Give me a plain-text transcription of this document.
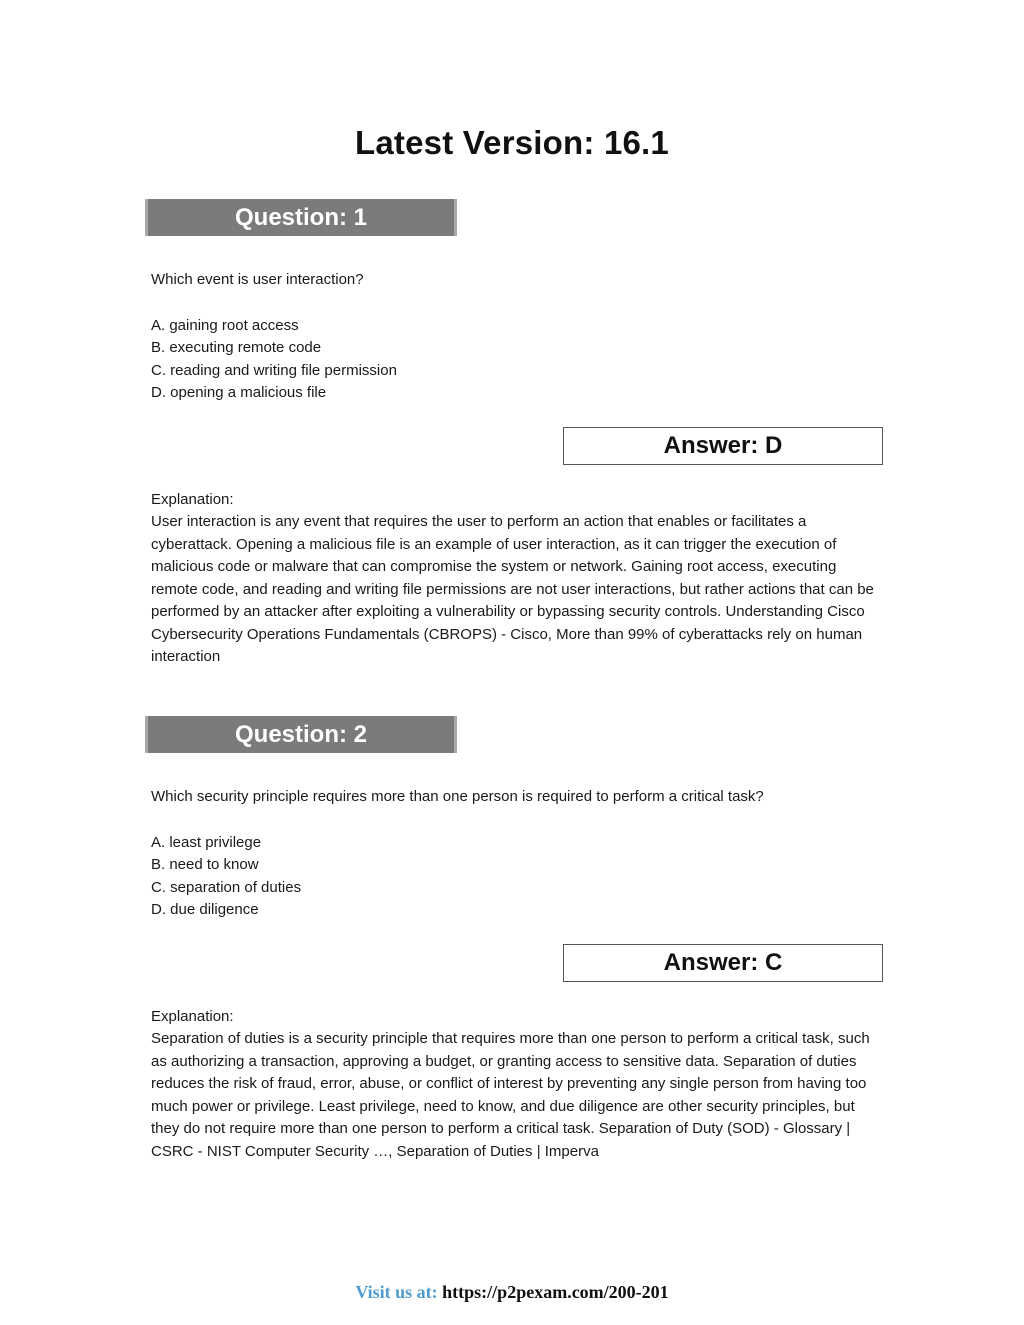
Latest Version: 16.1
Question: 1
Which event is user interaction?
A. gaining root access
B. executing remote code
C. reading and writing file permission
D. opening a malicious file
Answer: D
Explanation:
User interaction is any event that requires the user to perform an action that enables or facilitates a cyberattack. Opening a malicious file is an example of user interaction, as it can trigger the execution of malicious code or malware that can compromise the system or network. Gaining root access, executing remote code, and reading and writing file permissions are not user interactions, but rather actions that can be performed by an attacker after exploiting a vulnerability or bypassing security controls. Understanding Cisco Cybersecurity Operations Fundamentals (CBROPS) - Cisco, More than 99% of cyberattacks rely on human interaction
Question: 2
Which security principle requires more than one person is required to perform a critical task?
A. least privilege
B. need to know
C. separation of duties
D. due diligence
Answer: C
Explanation:
Separation of duties is a security principle that requires more than one person to perform a critical task, such as authorizing a transaction, approving a budget, or granting access to sensitive data. Separation of duties reduces the risk of fraud, error, abuse, or conflict of interest by preventing any single person from having too much power or privilege. Least privilege, need to know, and due diligence are other security principles, but they do not require more than one person to perform a critical task. Separation of Duty (SOD) - Glossary | CSRC - NIST Computer Security …, Separation of Duties | Imperva
Visit us at: https://p2pexam.com/200-201
